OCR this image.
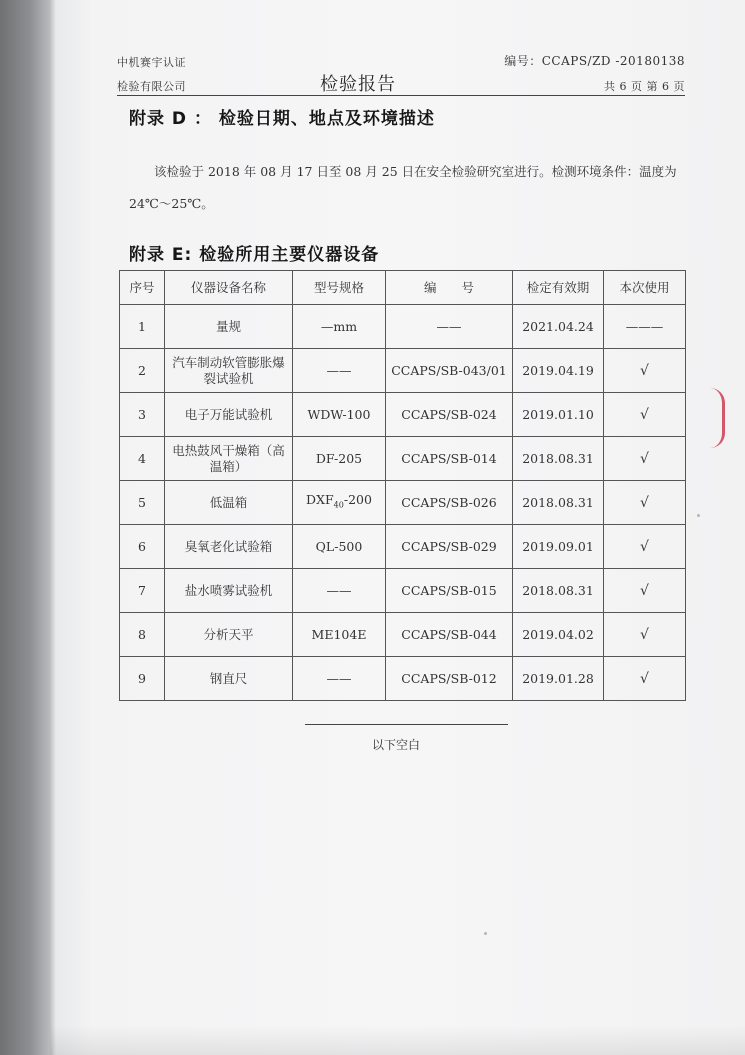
中机赛宇认证
检验有限公司	检验报告
编号：CCAPS/ZD -20180138
共 6 页 第 6 页
附录 D ： 检验日期、地点及环境描述
该检验于 2018 年 08 月 17 日至 08 月 25 日在安全检验研究室进行。检测环境条件：温度为 24℃～25℃。
附录 E: 检验所用主要仪器设备
序号	仪器设备名称	型号规格	编　　号	检定有效期	本次使用
1	量规	—mm	——	2021.04.24	———
2	汽车制动软管膨胀爆裂试验机	——	CCAPS/SB-043/01	2019.04.19	√
3	电子万能试验机	WDW-100	CCAPS/SB-024	2019.01.10	√
4	电热鼓风干燥箱（高温箱）	DF-205	CCAPS/SB-014	2018.08.31	√
5	低温箱	$DXF_{40}-200$	CCAPS/SB-026	2018.08.31	√
6	臭氧老化试验箱	QL-500	CCAPS/SB-029	2019.09.01	√
7	盐水喷雾试验机	——	CCAPS/SB-015	2018.08.31	√
8	分析天平	ME104E	CCAPS/SB-044	2019.04.02	√
9	钢直尺	——	CCAPS/SB-012	2019.01.28	√
以下空白
